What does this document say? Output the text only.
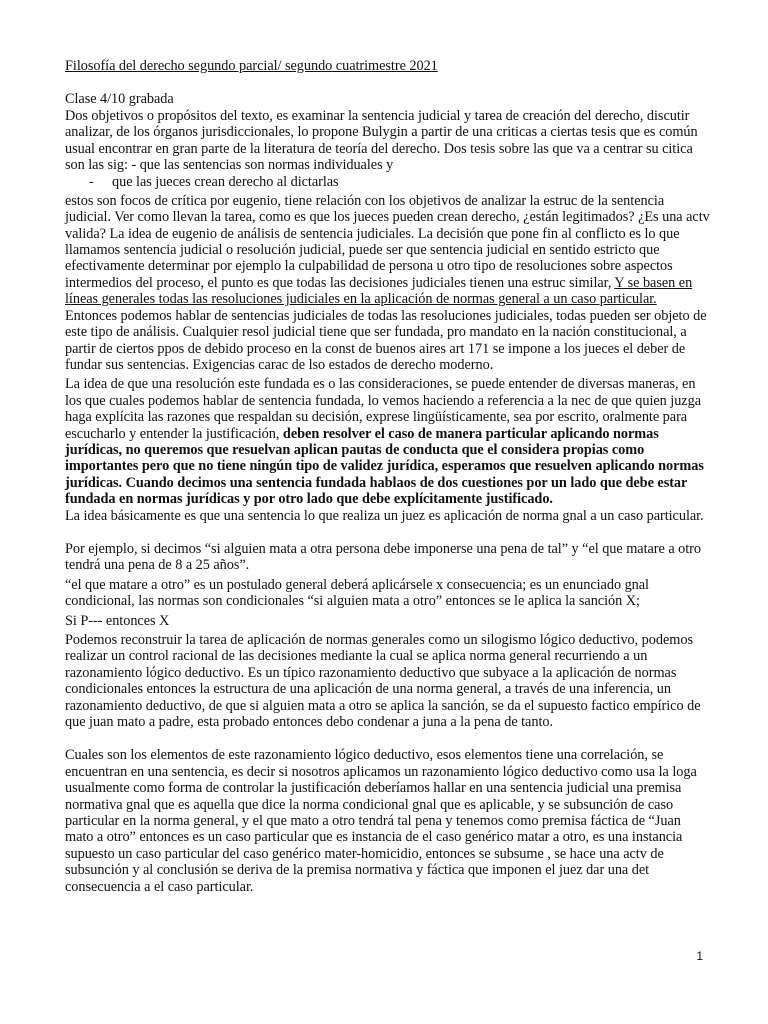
Filosofía del derecho segundo parcial/ segundo cuatrimestre 2021

Clase 4/10 grabada

Dos objetivos o propósitos del texto, es examinar la sentencia judicial y tarea de creación del derecho, discutir analizar, de los órganos jurisdiccionales, lo propone Bulygin a partir de una criticas a ciertas tesis que es común usual encontrar en gran parte de la literatura de teoría del derecho. Dos tesis sobre las que va a centrar su citica son las sig: - que las sentencias son normas individuales y

-	que las jueces crean derecho al dictarlas

estos son focos de crítica por eugenio, tiene relación con los objetivos de analizar la estruc de la sentencia judicial. Ver como llevan la tarea, como es que los jueces pueden crean derecho, ¿están legitimados? ¿Es una actv valida? La idea de eugenio de análisis de sentencia judiciales. La decisión que pone fin al conflicto es lo que llamamos sentencia judicial o resolución judicial, puede ser que sentencia judicial en sentido estricto que efectivamente determinar por ejemplo la culpabilidad de persona u otro tipo de resoluciones sobre aspectos intermedios del proceso, el punto es que todas las decisiones judiciales tienen una estruc similar, Y se basen en líneas generales todas las resoluciones judiciales en la aplicación de normas general a un caso particular. Entonces podemos hablar de sentencias judiciales de todas las resoluciones judiciales, todas pueden ser objeto de este tipo de análisis. Cualquier resol judicial tiene que ser fundada, pro mandato en la nación constitucional, a partir de ciertos ppos de debido proceso en la const de buenos aires art 171 se impone a los jueces el deber de fundar sus sentencias. Exigencias carac de lso estados de derecho moderno.

La idea de que una resolución este fundada es o las consideraciones, se puede entender de diversas maneras, en los que cuales podemos hablar de sentencia fundada, lo vemos haciendo a referencia a la nec de que quien juzga haga explícita las razones que respaldan su decisión, exprese lingüísticamente, sea por escrito, oralmente para escucharlo y entender la justificación, deben resolver el caso de manera particular aplicando normas jurídicas, no queremos que resuelvan aplican pautas de conducta que el considera propias como importantes pero que no tiene ningún tipo de validez jurídica, esperamos que resuelven aplicando normas jurídicas. Cuando decimos una sentencia fundada hablaos de dos cuestiones por un lado que debe estar fundada en normas jurídicas y por otro lado que debe explícitamente justificado.

La idea básicamente es que una sentencia lo que realiza un juez es aplicación de norma gnal a un caso particular.

Por ejemplo, si decimos “si alguien mata a otra persona debe imponerse una pena de tal” y “el que matare a otro tendrá una pena de 8 a 25 años”.

“el que matare a otro” es un postulado general deberá aplicársele x consecuencia; es un enunciado gnal condicional, las normas son condicionales “si alguien mata a otro” entonces se le aplica la sanción X;

Si P--- entonces X

Podemos reconstruir la tarea de aplicación de normas generales como un silogismo lógico deductivo, podemos realizar un control racional de las decisiones mediante la cual se aplica norma general recurriendo a un razonamiento lógico deductivo. Es un típico razonamiento deductivo que subyace a la aplicación de normas condicionales entonces la estructura de una aplicación de una norma general, a través de una inferencia, un razonamiento deductivo, de que si alguien mata a otro se aplica la sanción, se da el supuesto factico empírico de que juan mato a padre, esta probado entonces debo condenar a juna a la pena de tanto.

Cuales son los elementos de este razonamiento lógico deductivo, esos elementos tiene una correlación, se encuentran en una sentencia, es decir si nosotros aplicamos un razonamiento lógico deductivo como usa la loga usualmente como forma de controlar la justificación deberíamos hallar en una sentencia judicial una premisa normativa gnal que es aquella que dice la norma condicional gnal que es aplicable, y se subsunción de caso particular en la norma general, y el que mato a otro tendrá tal pena y tenemos como premisa fáctica de “Juan mato a otro” entonces es un caso particular que es instancia de el caso genérico matar a otro, es una instancia supuesto un caso particular del caso genérico mater-homicidio, entonces se subsume , se hace una actv de subsunción y al conclusión se deriva de la premisa normativa y fáctica que imponen el juez dar una det consecuencia a el caso particular.

1
